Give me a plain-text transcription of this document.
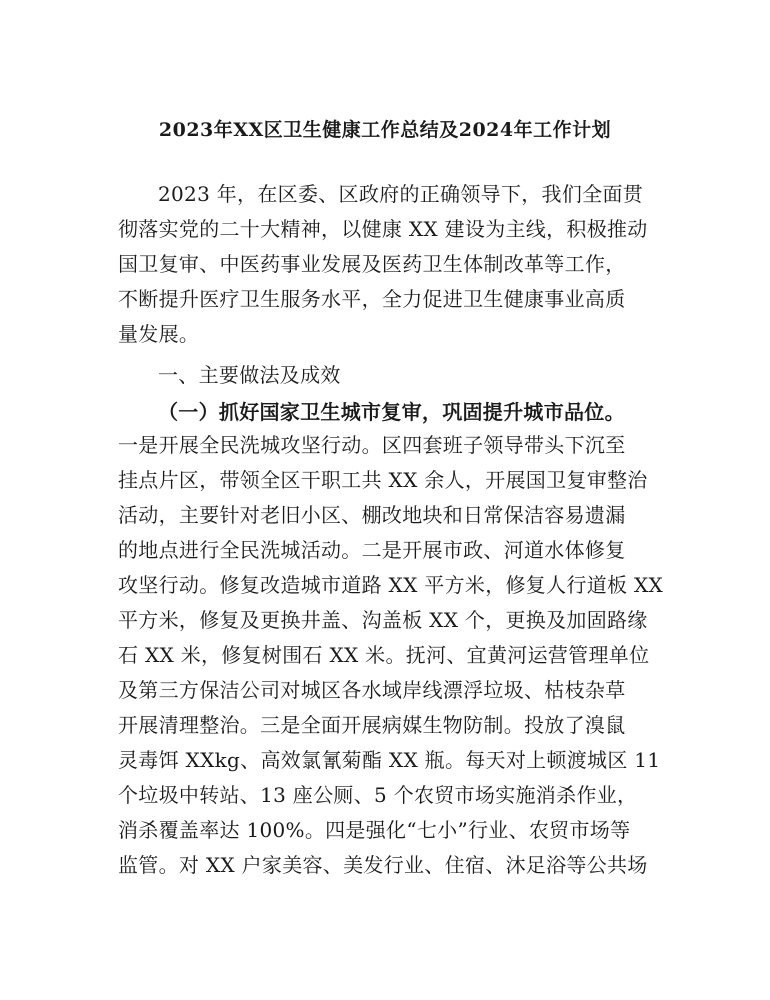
2023年XX区卫生健康工作总结及2024年工作计划
2023 年，在区委、区政府的正确领导下，我们全面贯
彻落实党的二十大精神，以健康 XX 建设为主线，积极推动
国卫复审、中医药事业发展及医药卫生体制改革等工作，
不断提升医疗卫生服务水平，全力促进卫生健康事业高质
量发展。
一、主要做法及成效
（一）抓好国家卫生城市复审，巩固提升城市品位。
一是开展全民洗城攻坚行动。区四套班子领导带头下沉至
挂点片区，带领全区干职工共 XX 余人，开展国卫复审整治
活动，主要针对老旧小区、棚改地块和日常保洁容易遗漏
的地点进行全民洗城活动。二是开展市政、河道水体修复
攻坚行动。修复改造城市道路 XX 平方米，修复人行道板 XX
平方米，修复及更换井盖、沟盖板 XX 个，更换及加固路缘
石 XX 米，修复树围石 XX 米。抚河、宜黄河运营管理单位
及第三方保洁公司对城区各水域岸线漂浮垃圾、枯枝杂草
开展清理整治。三是全面开展病媒生物防制。投放了溴鼠
灵毒饵 XXkg、高效氯氰菊酯 XX 瓶。每天对上顿渡城区 11
个垃圾中转站、13 座公厕、5 个农贸市场实施消杀作业，
消杀覆盖率达 100%。四是强化“七小”行业、农贸市场等
监管。对 XX 户家美容、美发行业、住宿、沐足浴等公共场
